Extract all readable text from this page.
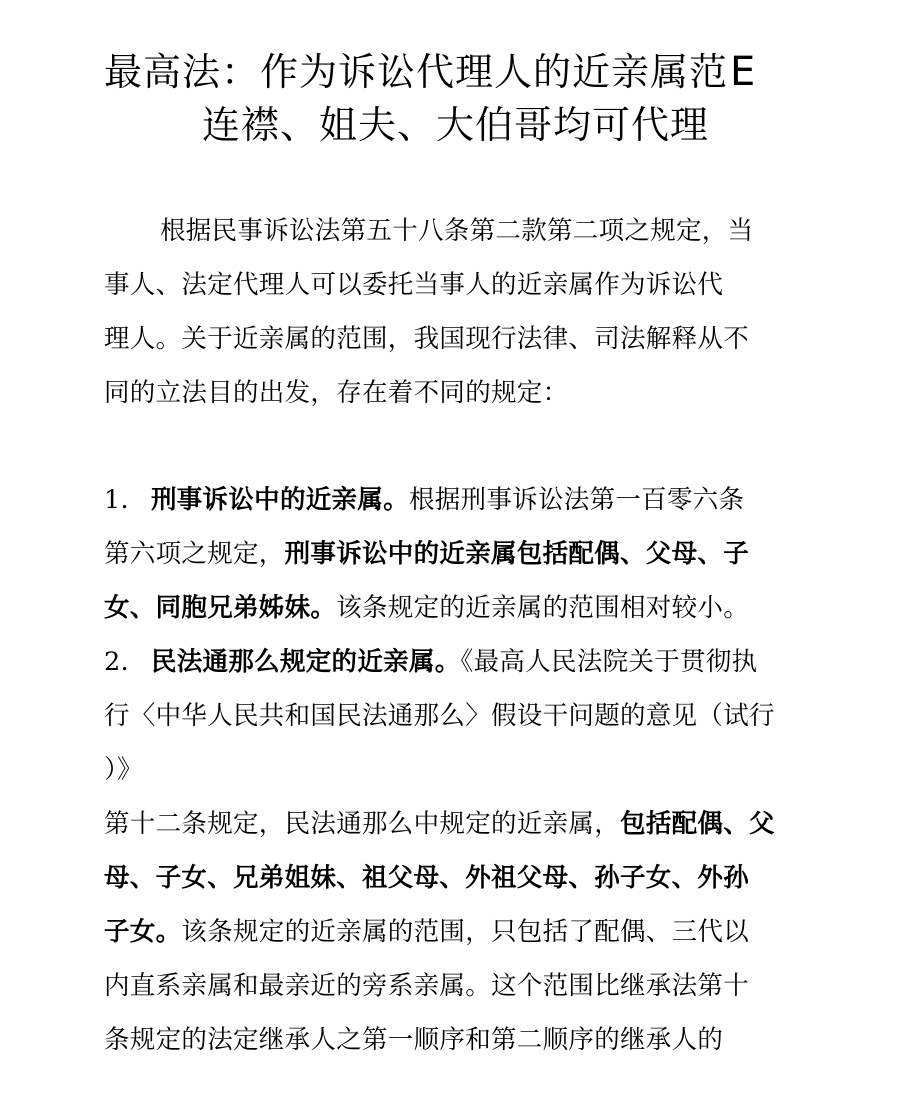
最高法：作为诉讼代理人的近亲属范E
连襟、姐夫、大伯哥均可代理
根据民事诉讼法第五十八条第二款第二项之规定，当
事人、法定代理人可以委托当事人的近亲属作为诉讼代
理人。关于近亲属的范围，我国现行法律、司法解释从不
同的立法目的出发，存在着不同的规定：
1. 刑事诉讼中的近亲属。根据刑事诉讼法第一百零六条
第六项之规定，刑事诉讼中的近亲属包括配偶、父母、子
女、同胞兄弟姊妹。该条规定的近亲属的范围相对较小。
2. 民法通那么规定的近亲属。《最高人民法院关于贯彻执
行〈中华人民共和国民法通那么〉假设干问题的意见（试行
）》
第十二条规定，民法通那么中规定的近亲属，包括配偶、父
母、子女、兄弟姐妹、祖父母、外祖父母、孙子女、外孙
子女。该条规定的近亲属的范围，只包括了配偶、三代以
内直系亲属和最亲近的旁系亲属。这个范围比继承法第十
条规定的法定继承人之第一顺序和第二顺序的继承人的
